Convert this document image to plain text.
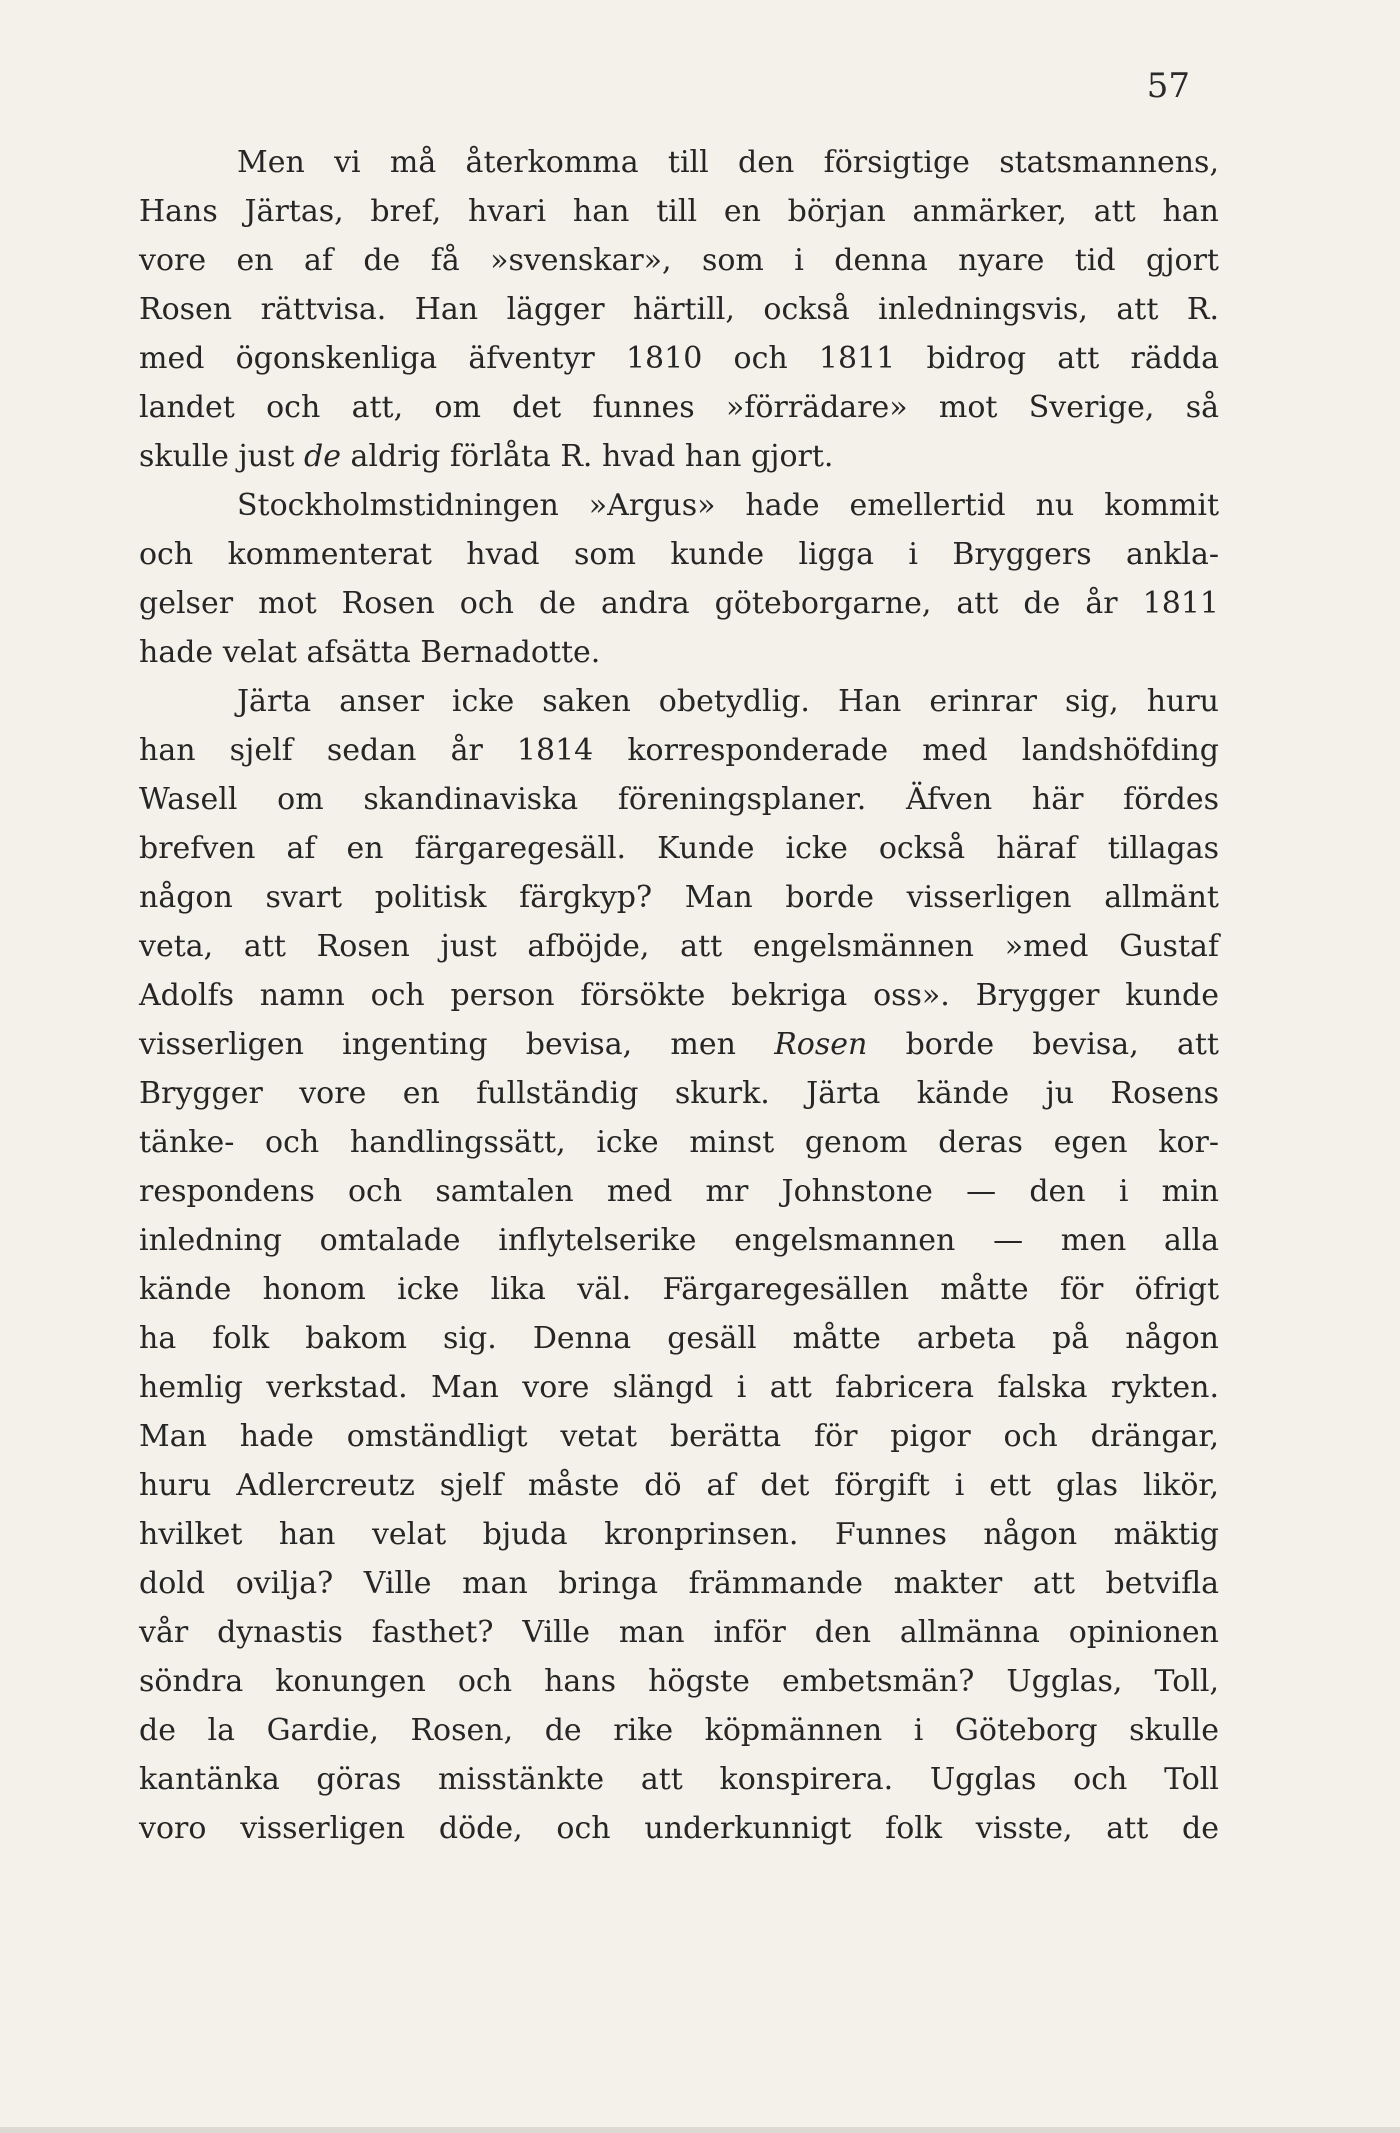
57
Men vi må återkomma till den försigtige statsmannens,
Hans Järtas, bref, hvari han till en början anmärker, att han
vore en af de få »svenskar», som i denna nyare tid gjort
Rosen rättvisa. Han lägger härtill, också inledningsvis, att R.
med ögonskenliga äfventyr 1810 och 1811 bidrog att rädda
landet och att, om det funnes »förrädare» mot Sverige, så
skulle just de aldrig förlåta R. hvad han gjort.
Stockholmstidningen »Argus» hade emellertid nu kommit
och kommenterat hvad som kunde ligga i Bryggers ankla-
gelser mot Rosen och de andra göteborgarne, att de år 1811
hade velat afsätta Bernadotte.
Järta anser icke saken obetydlig. Han erinrar sig, huru
han sjelf sedan år 1814 korresponderade med landshöfding
Wasell om skandinaviska föreningsplaner. Äfven här fördes
brefven af en färgaregesäll. Kunde icke också häraf tillagas
någon svart politisk färgkyp? Man borde visserligen allmänt
veta, att Rosen just afböjde, att engelsmännen »med Gustaf
Adolfs namn och person försökte bekriga oss». Brygger kunde
visserligen ingenting bevisa, men Rosen borde bevisa, att
Brygger vore en fullständig skurk. Järta kände ju Rosens
tänke- och handlingssätt, icke minst genom deras egen kor-
respondens och samtalen med mr Johnstone — den i min
inledning omtalade inflytelserike engelsmannen — men alla
kände honom icke lika väl. Färgaregesällen måtte för öfrigt
ha folk bakom sig. Denna gesäll måtte arbeta på någon
hemlig verkstad. Man vore slängd i att fabricera falska rykten.
Man hade omständligt vetat berätta för pigor och drängar,
huru Adlercreutz sjelf måste dö af det förgift i ett glas likör,
hvilket han velat bjuda kronprinsen. Funnes någon mäktig
dold ovilja? Ville man bringa främmande makter att betvifla
vår dynastis fasthet? Ville man inför den allmänna opinionen
söndra konungen och hans högste embetsmän? Ugglas, Toll,
de la Gardie, Rosen, de rike köpmännen i Göteborg skulle
kantänka göras misstänkte att konspirera. Ugglas och Toll
voro visserligen döde, och underkunnigt folk visste, att de
